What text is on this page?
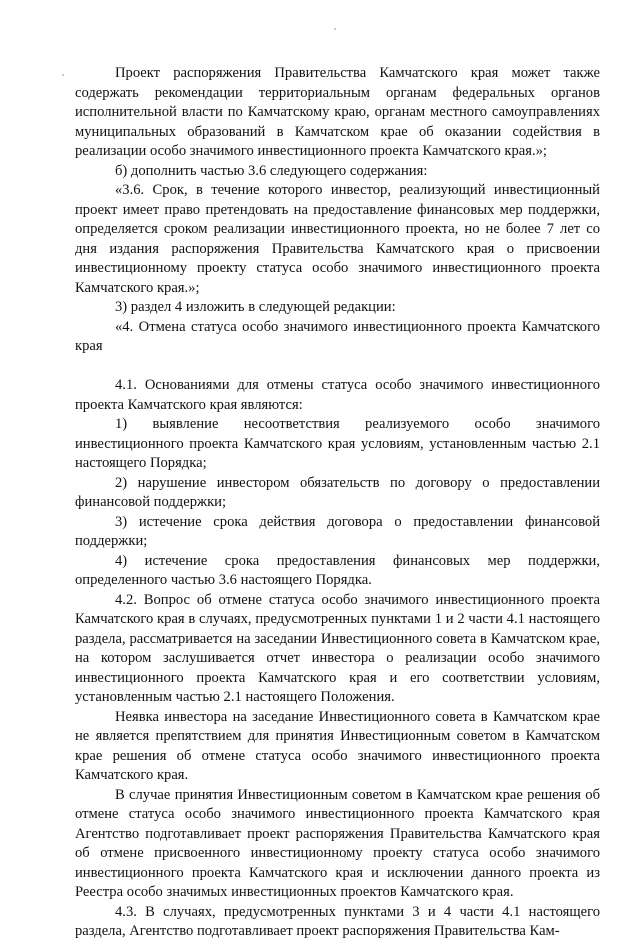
Проект распоряжения Правительства Камчатского края может также содержать рекомендации территориальным органам федеральных органов исполнительной власти по Камчатскому краю, органам местного самоуправлениях муниципальных образований в Камчатском крае об оказании содействия в реализации особо значимого инвестиционного проекта Камчатского края.»;

б) дополнить частью 3.6 следующего содержания:

«3.6. Срок, в течение которого инвестор, реализующий инвестиционный проект имеет право претендовать на предоставление финансовых мер поддержки, определяется сроком реализации инвестиционного проекта, но не более 7 лет со дня издания распоряжения Правительства Камчатского края о присвоении инвестиционному проекту статуса особо значимого инвестиционного проекта Камчатского края.»;

3) раздел 4 изложить в следующей редакции:

«4. Отмена статуса особо значимого инвестиционного проекта Камчатского края

4.1. Основаниями для отмены статуса особо значимого инвестиционного проекта Камчатского края являются:

1) выявление несоответствия реализуемого особо значимого инвестиционного проекта Камчатского края условиям, установленным частью 2.1 настоящего Порядка;

2) нарушение инвестором обязательств по договору о предоставлении финансовой поддержки;

3) истечение срока действия договора о предоставлении финансовой поддержки;

4) истечение срока предоставления финансовых мер поддержки, определенного частью 3.6 настоящего Порядка.

4.2. Вопрос об отмене статуса особо значимого инвестиционного проекта Камчатского края в случаях, предусмотренных пунктами 1 и 2 части 4.1 настоящего раздела, рассматривается на заседании Инвестиционного совета в Камчатском крае, на котором заслушивается отчет инвестора о реализации особо значимого инвестиционного проекта Камчатского края и его соответствии условиям, установленным частью 2.1 настоящего Положения.

Неявка инвестора на заседание Инвестиционного совета в Камчатском крае не является препятствием для принятия Инвестиционным советом в Камчатском крае решения об отмене статуса особо значимого инвестиционного проекта Камчатского края.

В случае принятия Инвестиционным советом в Камчатском крае решения об отмене статуса особо значимого инвестиционного проекта Камчатского края Агентство подготавливает проект распоряжения Правительства Камчатского края об отмене присвоенного инвестиционному проекту статуса особо значимого инвестиционного проекта Камчатского края и исключении данного проекта из Реестра особо значимых инвестиционных проектов Камчатского края.

4.3. В случаях, предусмотренных пунктами 3 и 4 части 4.1 настоящего раздела, Агентство подготавливает проект распоряжения Правительства Кам-
